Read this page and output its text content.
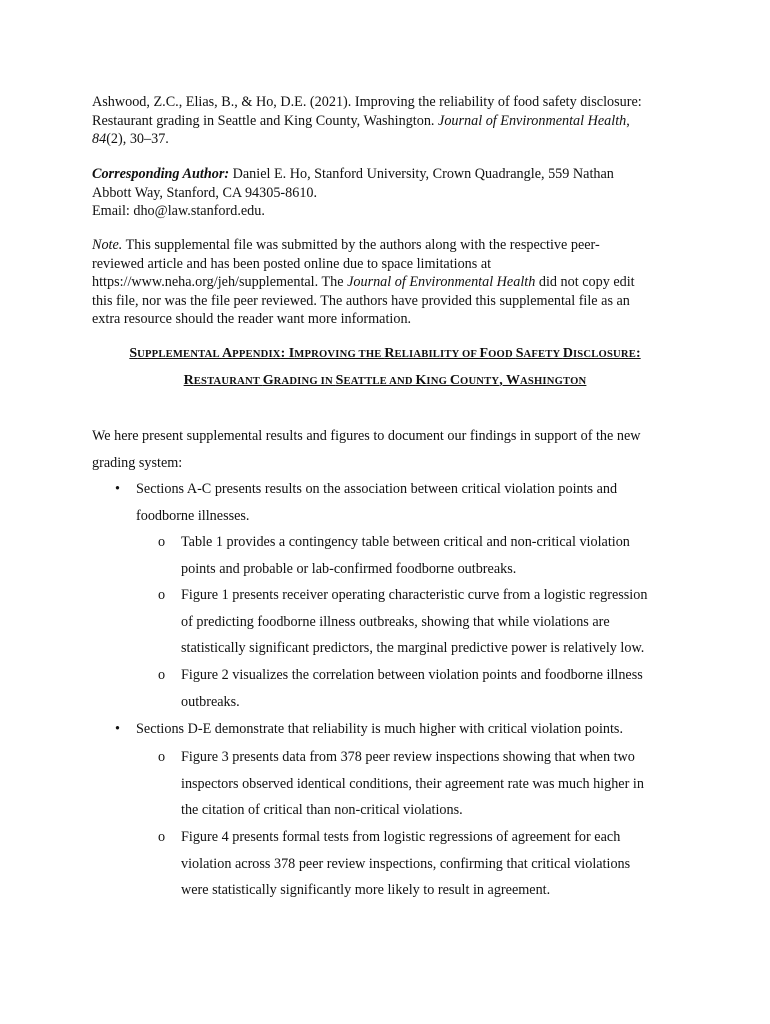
Ashwood, Z.C., Elias, B., & Ho, D.E. (2021). Improving the reliability of food safety disclosure:
Restaurant grading in Seattle and King County, Washington. Journal of Environmental Health,
84(2), 30–37.
Corresponding Author: Daniel E. Ho, Stanford University, Crown Quadrangle, 559 Nathan
Abbott Way, Stanford, CA 94305-8610.
Email: dho@law.stanford.edu.
Note. This supplemental file was submitted by the authors along with the respective peer-
reviewed article and has been posted online due to space limitations at
https://www.neha.org/jeh/supplemental. The Journal of Environmental Health did not copy edit
this file, nor was the file peer reviewed. The authors have provided this supplemental file as an
extra resource should the reader want more information.
SUPPLEMENTAL APPENDIX: IMPROVING THE RELIABILITY OF FOOD SAFETY DISCLOSURE:
RESTAURANT GRADING IN SEATTLE AND KING COUNTY, WASHINGTON
We here present supplemental results and figures to document our findings in support of the new
grading system:
• Sections A-C presents results on the association between critical violation points and
foodborne illnesses.
o Table 1 provides a contingency table between critical and non-critical violation
points and probable or lab-confirmed foodborne outbreaks.
o Figure 1 presents receiver operating characteristic curve from a logistic regression
of predicting foodborne illness outbreaks, showing that while violations are
statistically significant predictors, the marginal predictive power is relatively low.
o Figure 2 visualizes the correlation between violation points and foodborne illness
outbreaks.
• Sections D-E demonstrate that reliability is much higher with critical violation points.
o Figure 3 presents data from 378 peer review inspections showing that when two
inspectors observed identical conditions, their agreement rate was much higher in
the citation of critical than non-critical violations.
o Figure 4 presents formal tests from logistic regressions of agreement for each
violation across 378 peer review inspections, confirming that critical violations
were statistically significantly more likely to result in agreement.
